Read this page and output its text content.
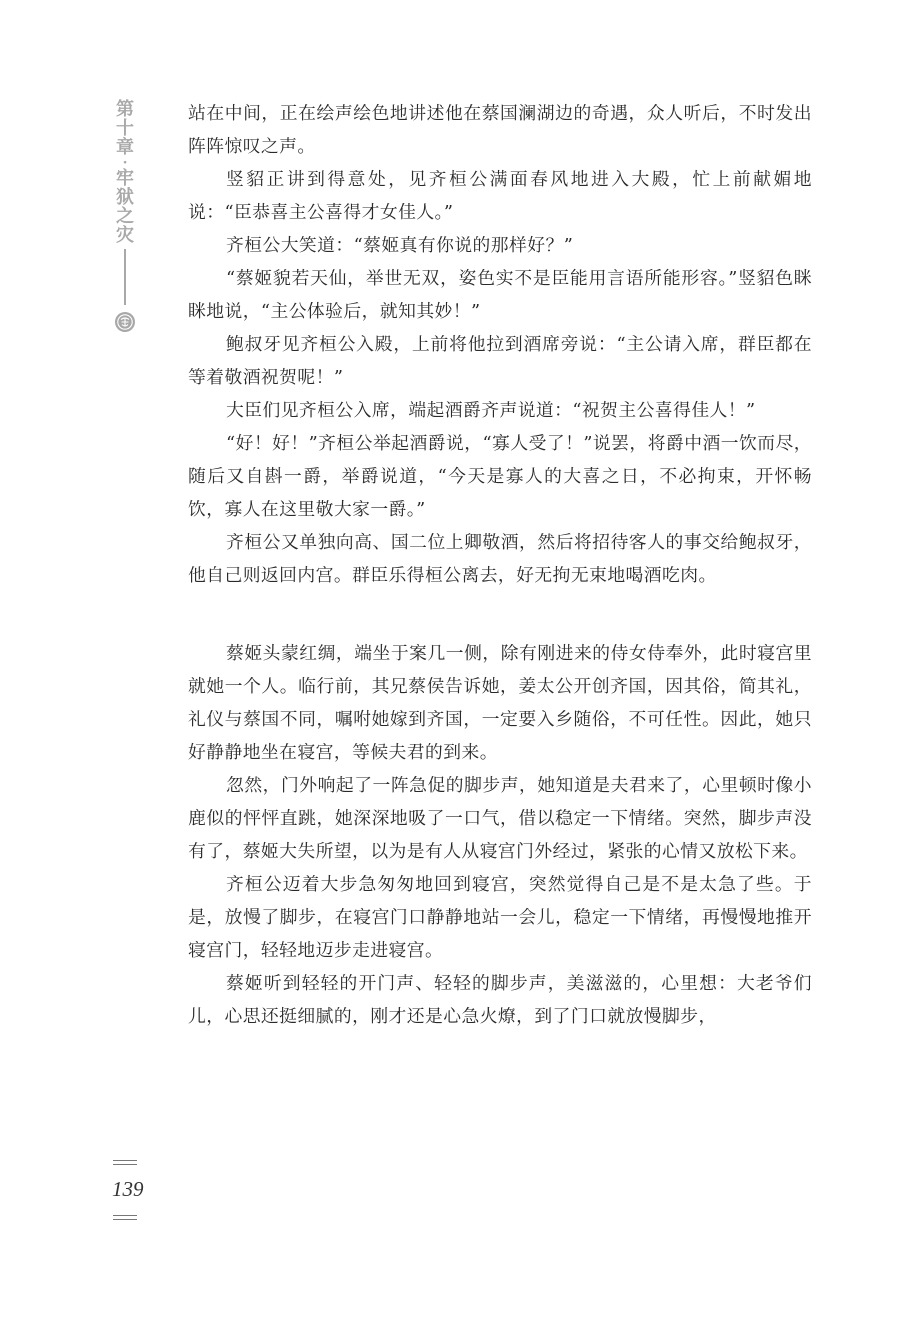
第
十
章
·
牢
狱
之
灾
139

站在中间，正在绘声绘色地讲述他在蔡国澜湖边的奇遇，众人听后，不时发出阵阵惊叹之声。

竖貂正讲到得意处，见齐桓公满面春风地进入大殿，忙上前献媚地说：“臣恭喜主公喜得才女佳人。”

齐桓公大笑道：“蔡姬真有你说的那样好？”

“蔡姬貌若天仙，举世无双，姿色实不是臣能用言语所能形容。”竖貂色眯眯地说，“主公体验后，就知其妙！”

鲍叔牙见齐桓公入殿，上前将他拉到酒席旁说：“主公请入席，群臣都在等着敬酒祝贺呢！”

大臣们见齐桓公入席，端起酒爵齐声说道：“祝贺主公喜得佳人！”

“好！好！”齐桓公举起酒爵说，“寡人受了！”说罢，将爵中酒一饮而尽，随后又自斟一爵，举爵说道，“今天是寡人的大喜之日，不必拘束，开怀畅饮，寡人在这里敬大家一爵。”

齐桓公又单独向高、国二位上卿敬酒，然后将招待客人的事交给鲍叔牙，他自己则返回内宫。群臣乐得桓公离去，好无拘无束地喝酒吃肉。

蔡姬头蒙红绸，端坐于案几一侧，除有刚进来的侍女侍奉外，此时寝宫里就她一个人。临行前，其兄蔡侯告诉她，姜太公开创齐国，因其俗，简其礼，礼仪与蔡国不同，嘱咐她嫁到齐国，一定要入乡随俗，不可任性。因此，她只好静静地坐在寝宫，等候夫君的到来。

忽然，门外响起了一阵急促的脚步声，她知道是夫君来了，心里顿时像小鹿似的怦怦直跳，她深深地吸了一口气，借以稳定一下情绪。突然，脚步声没有了，蔡姬大失所望，以为是有人从寝宫门外经过，紧张的心情又放松下来。

齐桓公迈着大步急匆匆地回到寝宫，突然觉得自己是不是太急了些。于是，放慢了脚步，在寝宫门口静静地站一会儿，稳定一下情绪，再慢慢地推开寝宫门，轻轻地迈步走进寝宫。

蔡姬听到轻轻的开门声、轻轻的脚步声，美滋滋的，心里想：大老爷们儿，心思还挺细腻的，刚才还是心急火燎，到了门口就放慢脚步，
